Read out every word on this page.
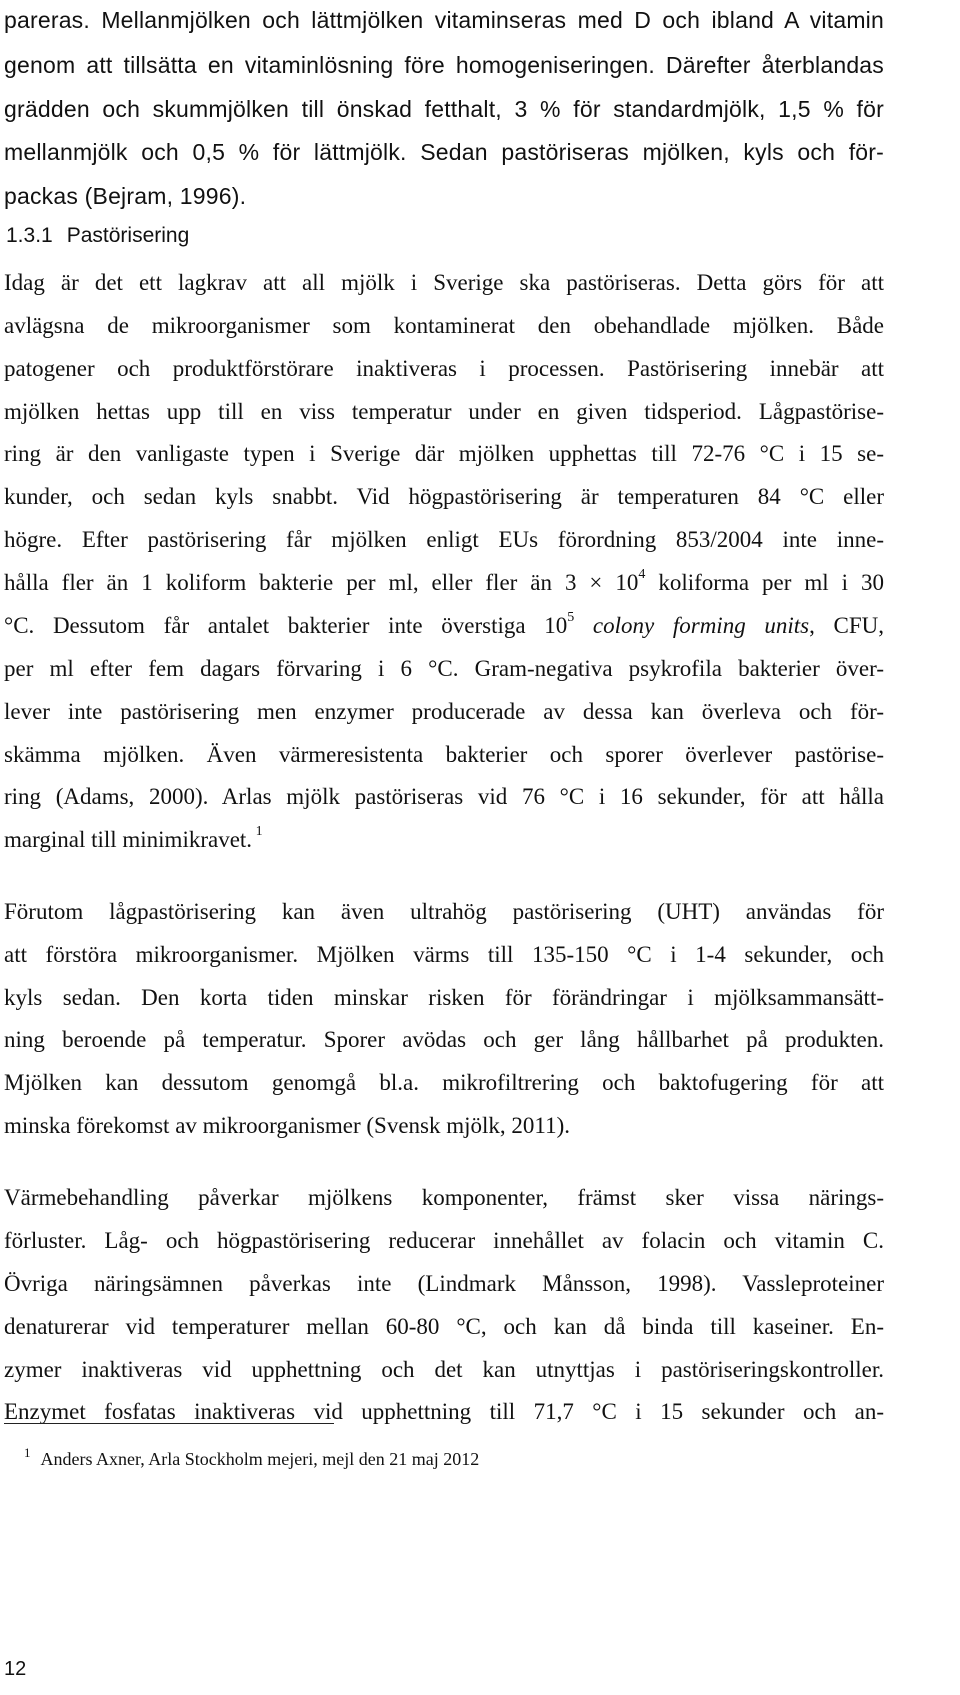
pareras. Mellanmjölken och lättmjölken vitaminseras med D och ibland A vitamin
genom att tillsätta en vitaminlösning före homogeniseringen. Därefter återblandas
grädden och skummjölken till önskad fetthalt, 3 % för standardmjölk, 1,5 % för
mellanmjölk och 0,5 % för lättmjölk. Sedan pastöriseras mjölken, kyls och för-
packas (Bejram, 1996).
1.3.1 Pastörisering
Idag är det ett lagkrav att all mjölk i Sverige ska pastöriseras. Detta görs för att
avlägsna de mikroorganismer som kontaminerat den obehandlade mjölken. Både
patogener och produktförstörare inaktiveras i processen. Pastörisering innebär att
mjölken hettas upp till en viss temperatur under en given tidsperiod. Lågpastörise-
ring är den vanligaste typen i Sverige där mjölken upphettas till 72-76 °C i 15 se-
kunder, och sedan kyls snabbt. Vid högpastörisering är temperaturen 84 °C eller
högre. Efter pastörisering får mjölken enligt EUs förordning 853/2004 inte inne-
hålla fler än 1 koliform bakterie per ml, eller fler än $3 \times 10^4$ koliforma per ml i 30
°C. Dessutom får antalet bakterier inte överstiga $10^5$ colony forming units, CFU,
per ml efter fem dagars förvaring i 6 °C. Gram-negativa psykrofila bakterier över-
lever inte pastörisering men enzymer producerade av dessa kan överleva och för-
skämma mjölken. Även värmeresistenta bakterier och sporer överlever pastörise-
ring (Adams, 2000). Arlas mjölk pastöriseras vid 76 °C i 16 sekunder, för att hålla
marginal till minimikravet. $^1$
Förutom lågpastörisering kan även ultrahög pastörisering (UHT) användas för
att förstöra mikroorganismer. Mjölken värms till 135-150 °C i 1-4 sekunder, och
kyls sedan. Den korta tiden minskar risken för förändringar i mjölksammansätt-
ning beroende på temperatur. Sporer avödas och ger lång hållbarhet på produkten.
Mjölken kan dessutom genomgå bl.a. mikrofiltrering och baktofugering för att
minska förekomst av mikroorganismer (Svensk mjölk, 2011).
Värmebehandling påverkar mjölkens komponenter, främst sker vissa närings-
förluster. Låg- och högpastörisering reducerar innehållet av folacin och vitamin C.
Övriga näringsämnen påverkas inte (Lindmark Månsson, 1998). Vassleproteiner
denaturerar vid temperaturer mellan 60-80 °C, och kan då binda till kaseiner. En-
zymer inaktiveras vid upphettning och det kan utnyttjas i pastöriseringskontroller.
Enzymet fosfatas inaktiveras vid upphettning till 71,7 °C i 15 sekunder och an-
$^1$ Anders Axner, Arla Stockholm mejeri, mejl den 21 maj 2012
12
